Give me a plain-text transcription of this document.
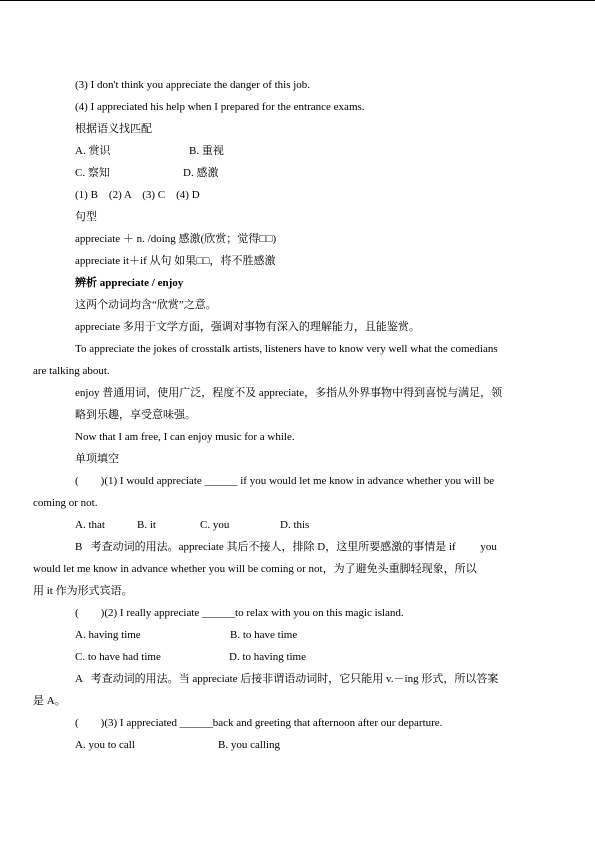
(3) I don't think you appreciate the danger of this job.
(4) I appreciated his help when I prepared for the entrance exams.
根据语义找匹配
A. 赏识	B. 重视
C. 察知	D. 感激
(1) B    (2) A    (3) C    (4) D
句型
appreciate ＋ n. /doing 感激(欣赏；觉得□□)
appreciate it＋if 从句 如果□□，将不胜感激
辨析 appreciate / enjoy
这两个动词均含“欣赏”之意。
appreciate 多用于文学方面，强调对事物有深入的理解能力，且能鉴赏。
To appreciate the jokes of crosstalk artists, listeners have to know very well what the comedians
are talking about.
enjoy 普通用词，使用广泛，程度不及 appreciate，多指从外界事物中得到喜悦与满足，领
略到乐趣，享受意味强。
Now that I am free, I can enjoy music for a while.
单项填空
(        )(1) I would appreciate ______ if you would let me know in advance whether you will be
coming or not.
A. that	B. it	C. you	D. this
B   考查动词的用法。appreciate 其后不接人，排除 D，这里所要感激的事情是 if         you
would let me know in advance whether you will be coming or not，为了避免头重脚轻现象，所以
用 it 作为形式宾语。
(        )(2) I really appreciate ______to relax with you on this magic island.
A. having time	B. to have time
C. to have had time	D. to having time
A   考查动词的用法。当 appreciate 后接非谓语动词时，它只能用 v.－ing 形式，所以答案
是 A。
(        )(3) I appreciated ______back and greeting that afternoon after our departure.
A. you to call	B. you calling
